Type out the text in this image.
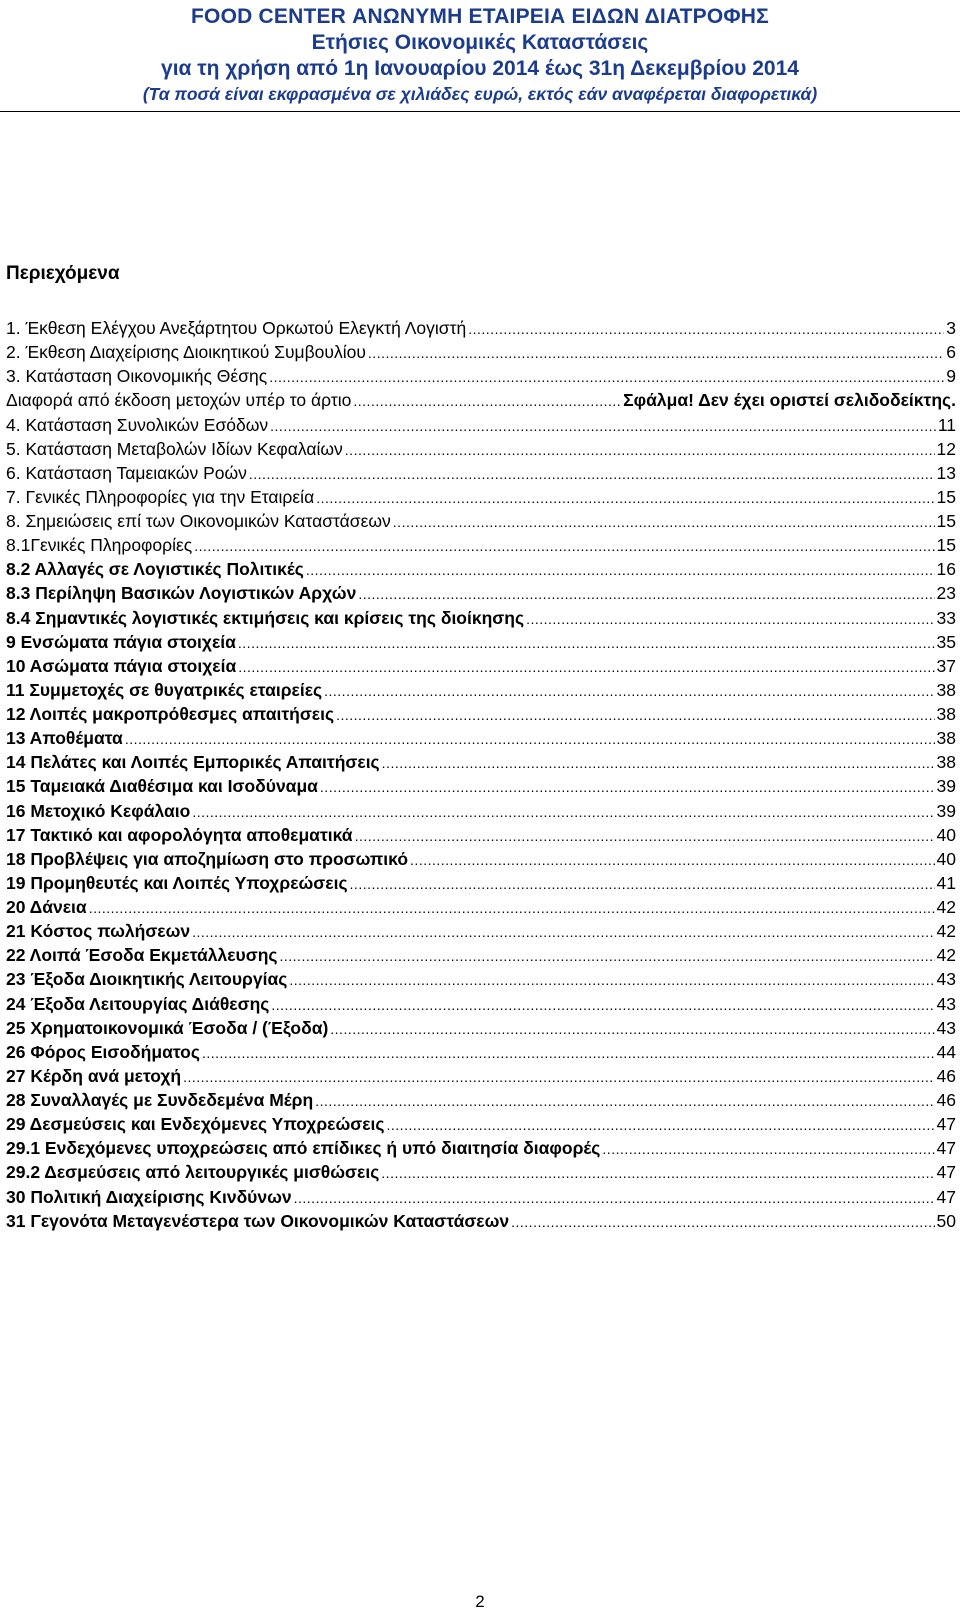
FOOD CENTER ΑΝΩΝΥΜΗ ΕΤΑΙΡΕΙΑ ΕΙΔΩΝ ΔΙΑΤΡΟΦΗΣ
Ετήσιες Οικονομικές Καταστάσεις
για τη χρήση από 1η Ιανουαρίου 2014 έως 31η Δεκεμβρίου 2014
(Τα ποσά είναι εκφρασμένα σε χιλιάδες ευρώ, εκτός εάν αναφέρεται διαφορετικά)
Περιεχόμενα
1. Έκθεση Ελέγχου Ανεξάρτητου Ορκωτού Ελεγκτή Λογιστή .....	3
2. Έκθεση Διαχείρισης Διοικητικού Συμβουλίου .....	6
3. Κατάσταση Οικονομικής Θέσης .....	9
Διαφορά από έκδοση μετοχών υπέρ το άρτιο .....	Σφάλμα! Δεν έχει οριστεί σελιδοδείκτης.
4. Κατάσταση Συνολικών Εσόδων .....	11
5. Κατάσταση Μεταβολών Ιδίων Κεφαλαίων .....	12
6. Κατάσταση Ταμειακών Ροών .....	13
7. Γενικές Πληροφορίες για την Εταιρεία .....	15
8. Σημειώσεις επί των Οικονομικών Καταστάσεων .....	15
8.1Γενικές Πληροφορίες .....	15
8.2 Αλλαγές σε Λογιστικές Πολιτικές .....	16
8.3 Περίληψη Βασικών Λογιστικών Αρχών .....	23
8.4 Σημαντικές λογιστικές εκτιμήσεις και κρίσεις της διοίκησης .....	33
9 Ενσώματα πάγια στοιχεία .....	35
10 Ασώματα πάγια στοιχεία .....	37
11 Συμμετοχές σε θυγατρικές εταιρείες .....	38
12 Λοιπές μακροπρόθεσμες απαιτήσεις .....	38
13 Αποθέματα .....	38
14 Πελάτες και Λοιπές Εμπορικές Απαιτήσεις .....	38
15 Ταμειακά Διαθέσιμα και Ισοδύναμα .....	39
16 Μετοχικό Κεφάλαιο .....	39
17 Τακτικό και αφορολόγητα αποθεματικά .....	40
18 Προβλέψεις για αποζημίωση στο προσωπικό .....	40
19 Προμηθευτές και Λοιπές Υποχρεώσεις .....	41
20 Δάνεια .....	42
21 Κόστος πωλήσεων .....	42
22 Λοιπά Έσοδα Εκμετάλλευσης .....	42
23 Έξοδα Διοικητικής Λειτουργίας .....	43
24 Έξοδα Λειτουργίας Διάθεσης .....	43
25 Χρηματοικονομικά Έσοδα / (Έξοδα) .....	43
26 Φόρος Εισοδήματος .....	44
27 Κέρδη ανά μετοχή .....	46
28 Συναλλαγές με Συνδεδεμένα Μέρη .....	46
29 Δεσμεύσεις και Ενδεχόμενες Υποχρεώσεις .....	47
29.1 Ενδεχόμενες υποχρεώσεις από επίδικες ή υπό διαιτησία διαφορές .....	47
29.2 Δεσμεύσεις από λειτουργικές μισθώσεις .....	47
30 Πολιτική Διαχείρισης Κινδύνων .....	47
31 Γεγονότα Μεταγενέστερα των Οικονομικών Καταστάσεων .....	50
2
